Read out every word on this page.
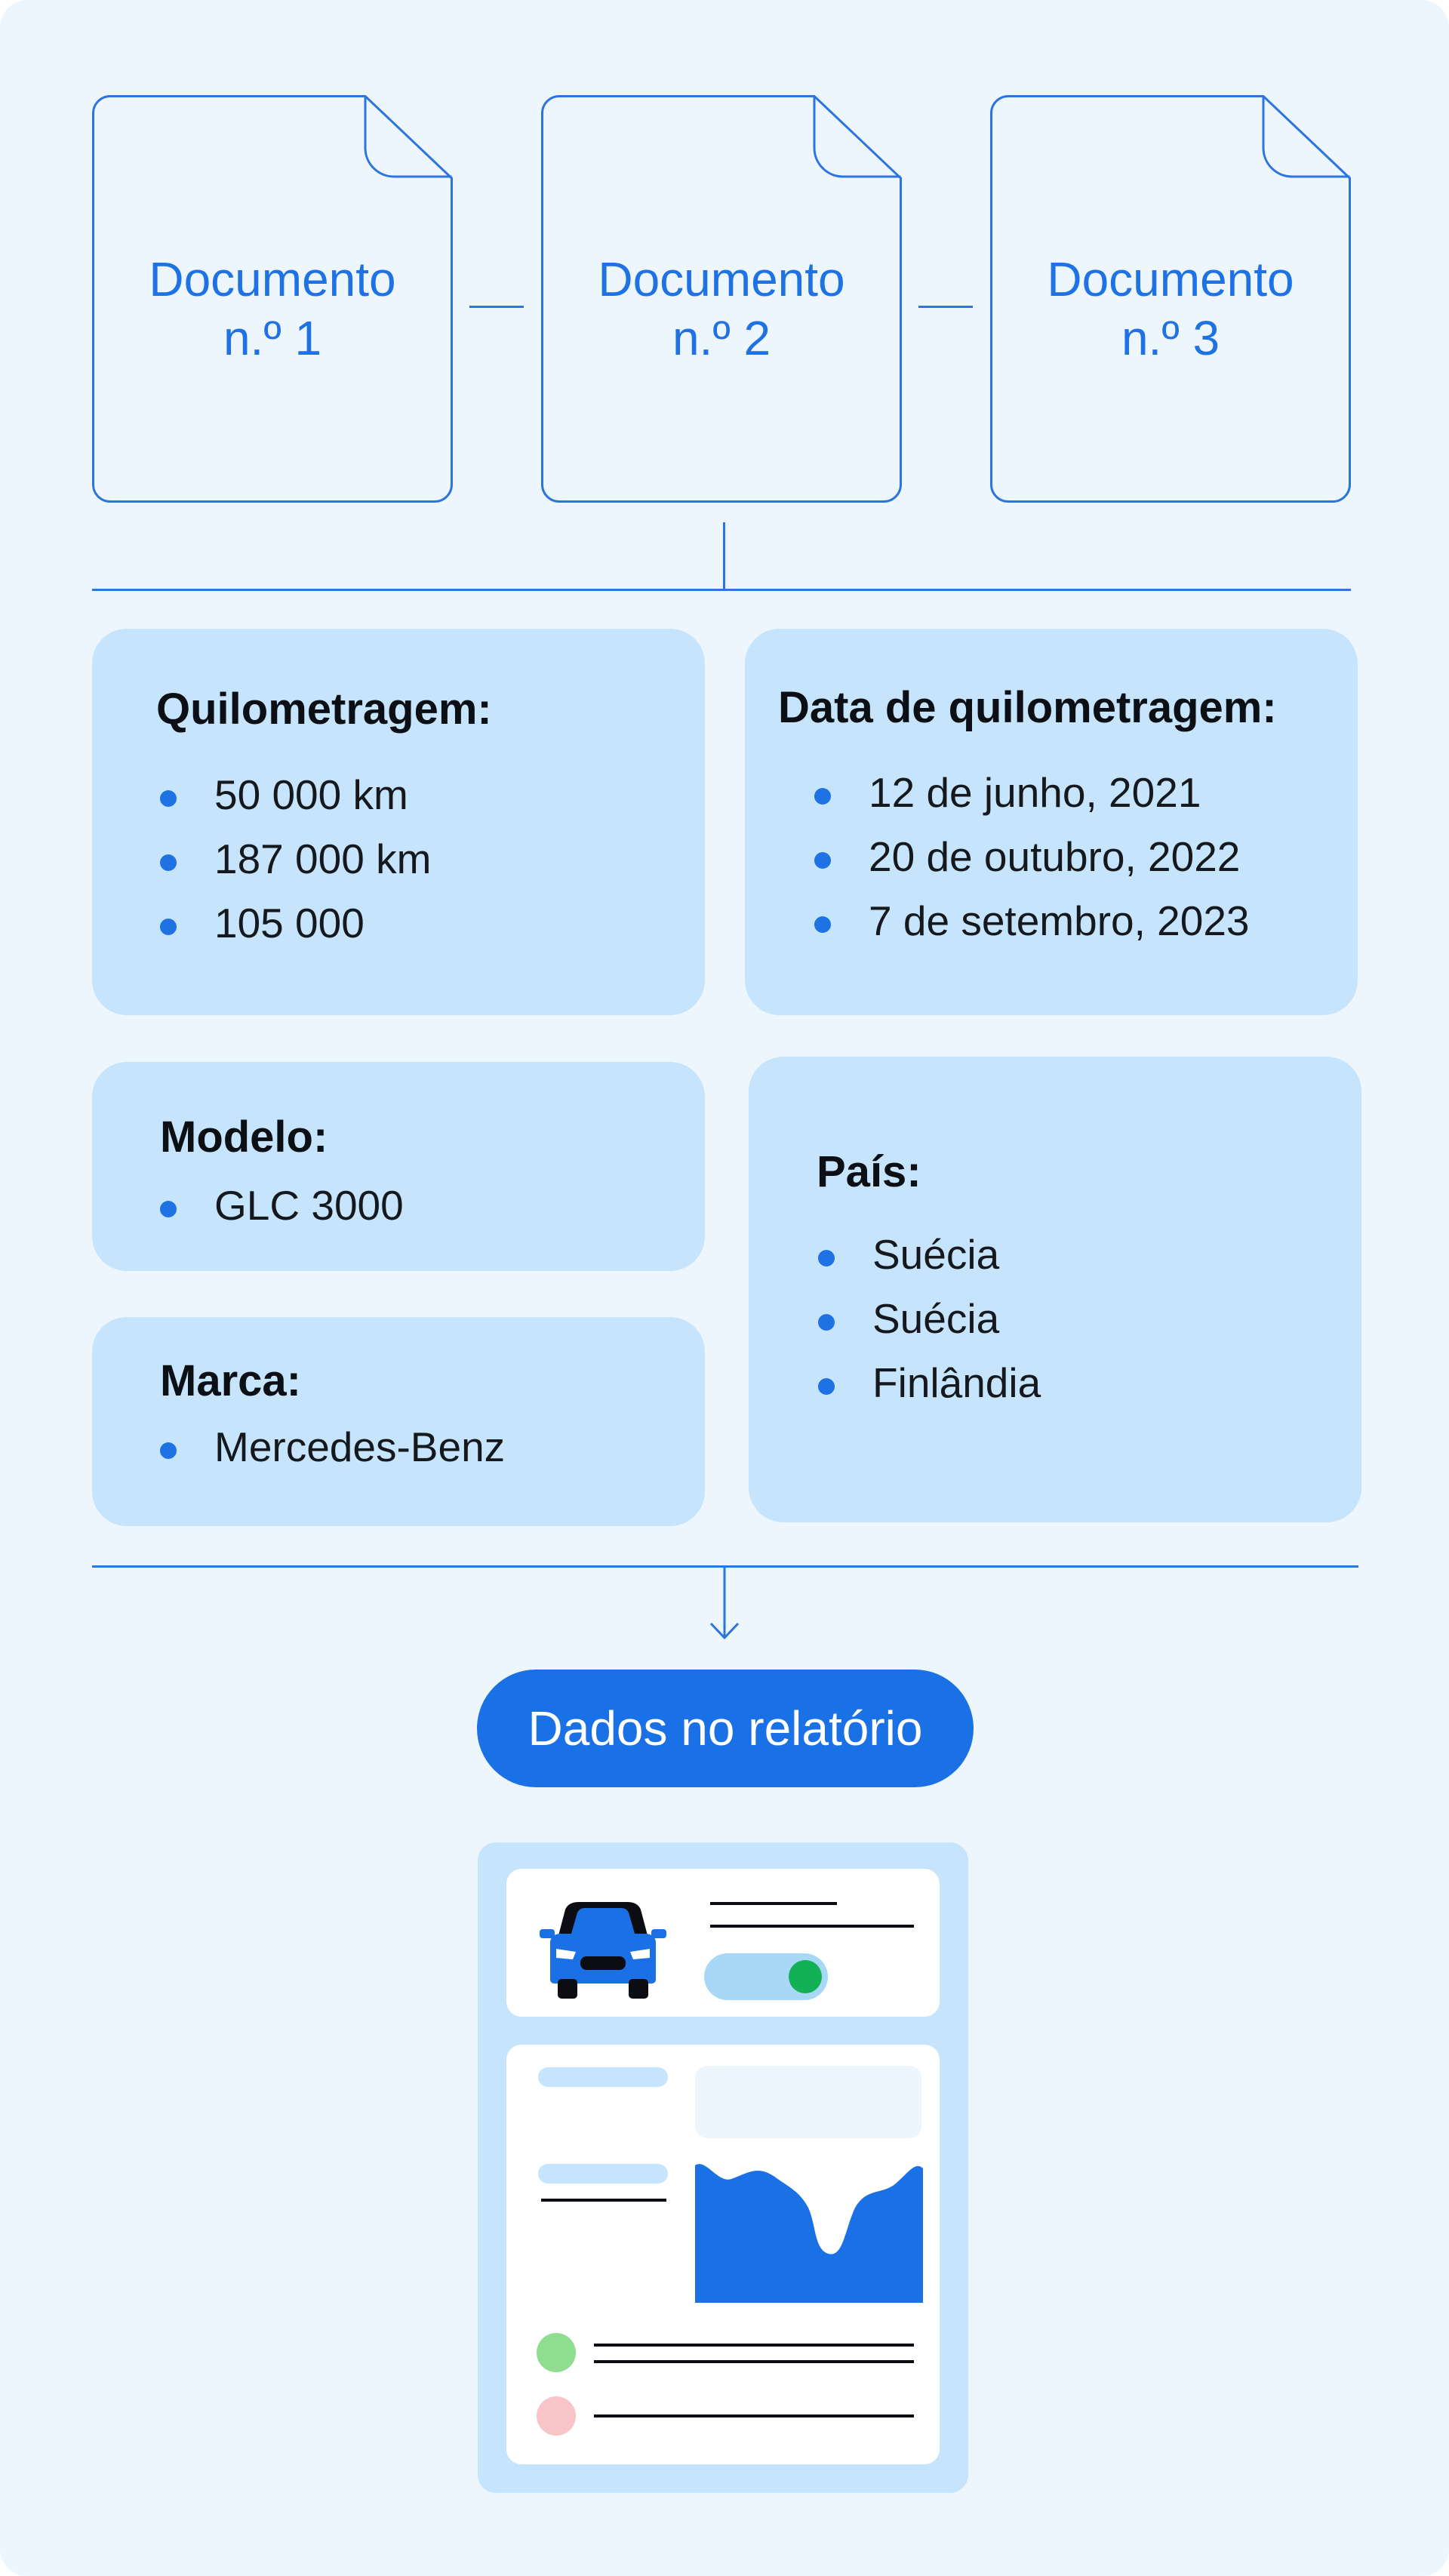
Documento
n.º 1
Documento
n.º 2
Documento
n.º 3
Quilometragem:
50 000 km
187 000 km
105 000
Data de quilometragem:
12 de junho, 2021
20 de outubro, 2022
7 de setembro, 2023
Modelo:
GLC 3000
Marca:
Mercedes-Benz
País:
Suécia
Suécia
Finlândia
Dados no relatório
